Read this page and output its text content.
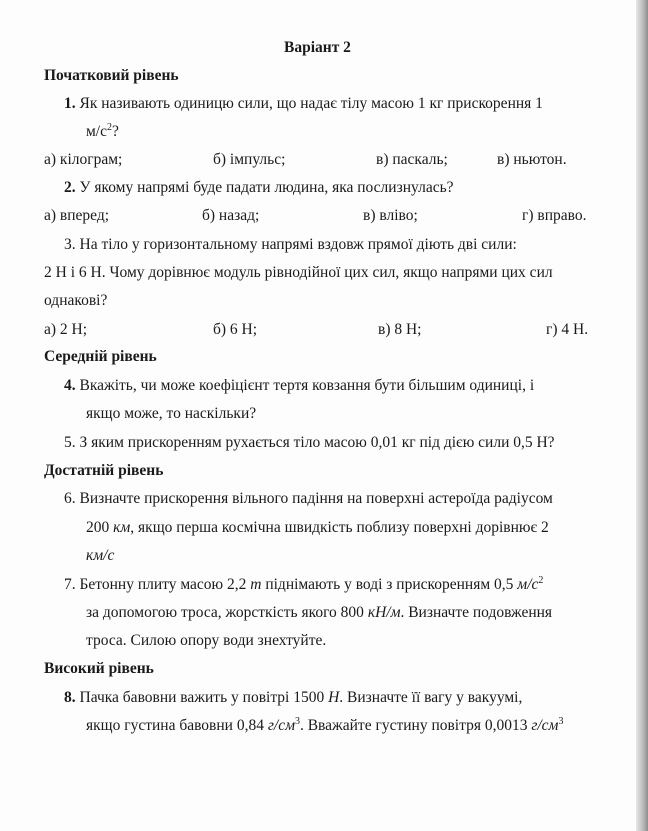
Варіант 2
Початковий рівень
1. Як називають одиницю сили, що надає тілу масою 1 кг прискорення 1
$м/с^2$?
а) кілограм;	б) імпульс;	в) паскаль;	в) ньютон.
2. У якому напрямі буде падати людина, яка послизнулась?
а) вперед;	б) назад;	в) вліво;	г) вправо.
3. На тіло у горизонтальному напрямі вздовж прямої діють дві сили:
2 Н і 6 Н. Чому дорівнює модуль рівнодійної цих сил, якщо напрями цих сил
однакові?
а) 2 Н;	б) 6 Н;	в) 8 Н;	г) 4 Н.
Середній рівень
4. Вкажіть, чи може коефіцієнт тертя ковзання бути більшим одиниці, і
якщо може, то наскільки?
5. З яким прискоренням рухається тіло масою 0,01 кг під дією сили 0,5 Н?
Достатній рівень
6. Визначте прискорення вільного падіння на поверхні астероїда радіусом
200 км, якщо перша космічна швидкість поблизу поверхні дорівнює 2
км/с
7. Бетонну плиту масою 2,2 т піднімають у воді з прискоренням 0,5 $м/с^2$
за допомогою троса, жорсткість якого 800 кН/м. Визначте подовження
троса. Силою опору води знехтуйте.
Високий рівень
8. Пачка бавовни важить у повітрі 1500 Н. Визначте її вагу у вакуумі,
якщо густина бавовни 0,84 $г/см^3$. Вважайте густину повітря 0,0013 $г/см^3$
